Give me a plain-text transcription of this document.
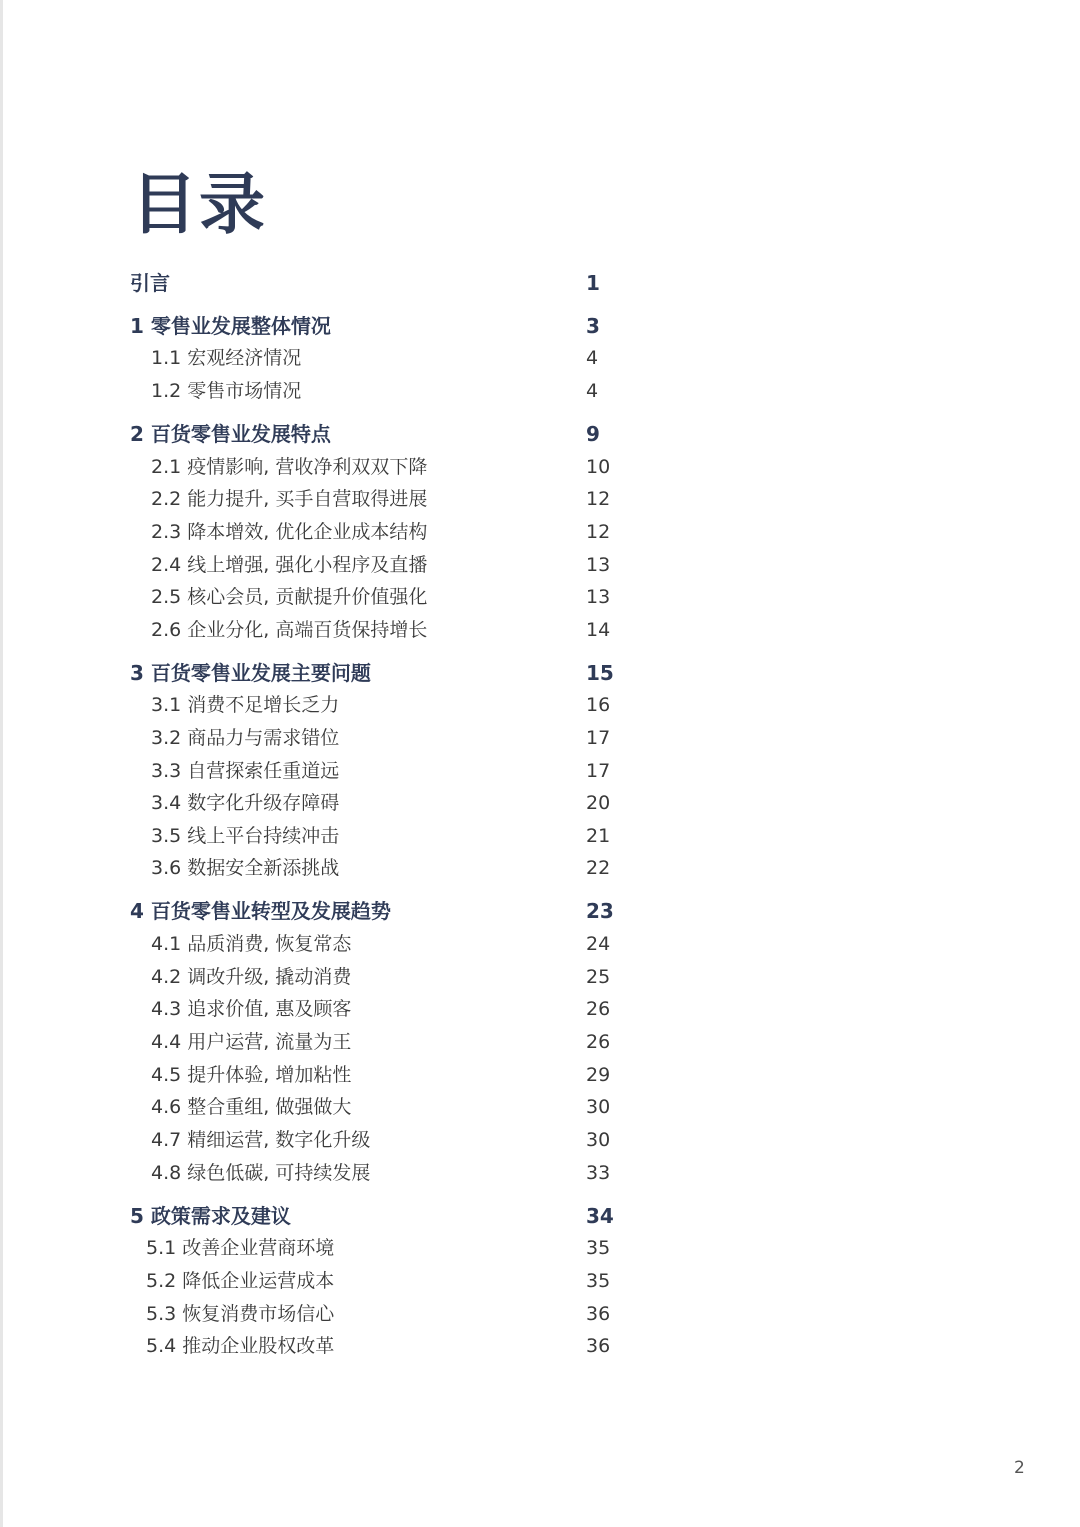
目录
引言	1
1 零售业发展整体情况	3
1.1 宏观经济情况	4
1.2 零售市场情况	4
2 百货零售业发展特点	9
2.1 疫情影响, 营收净利双双下降	10
2.2 能力提升, 买手自营取得进展	12
2.3 降本增效, 优化企业成本结构	12
2.4 线上增强, 强化小程序及直播	13
2.5 核心会员, 贡献提升价值强化	13
2.6 企业分化, 高端百货保持增长	14
3 百货零售业发展主要问题	15
3.1 消费不足增长乏力	16
3.2 商品力与需求错位	17
3.3 自营探索任重道远	17
3.4 数字化升级存障碍	20
3.5 线上平台持续冲击	21
3.6 数据安全新添挑战	22
4 百货零售业转型及发展趋势	23
4.1 品质消费, 恢复常态	24
4.2 调改升级, 撬动消费	25
4.3 追求价值, 惠及顾客	26
4.4 用户运营, 流量为王	26
4.5 提升体验, 增加粘性	29
4.6 整合重组, 做强做大	30
4.7 精细运营, 数字化升级	30
4.8 绿色低碳, 可持续发展	33
5 政策需求及建议	34
5.1 改善企业营商环境	35
5.2 降低企业运营成本	35
5.3 恢复消费市场信心	36
5.4 推动企业股权改革	36
2
